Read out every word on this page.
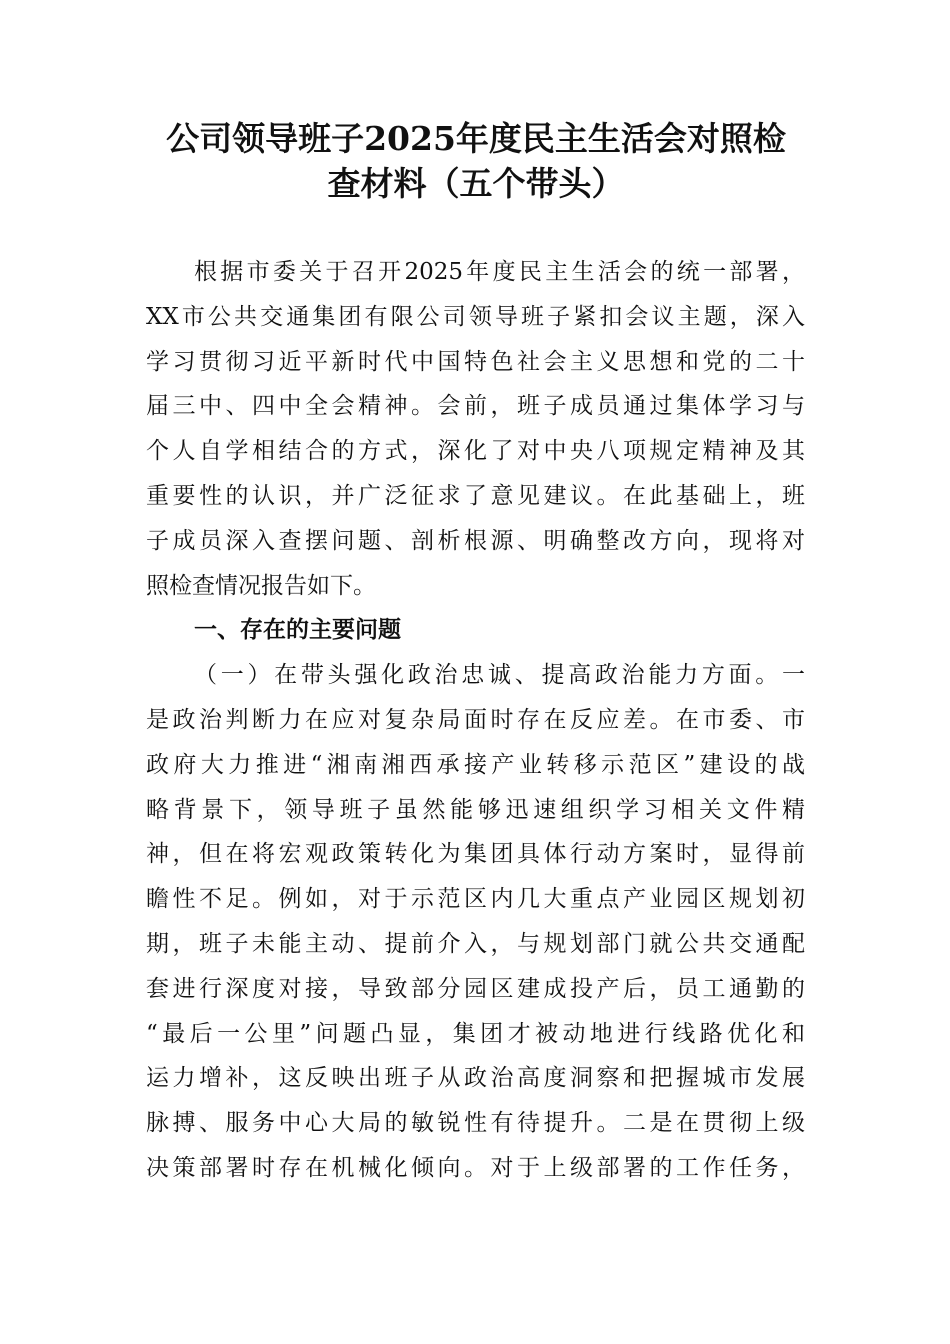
公司领导班子2025年度民主生活会对照检
查材料（五个带头）
根据市委关于召开2025年度民主生活会的统一部署，
XX市公共交通集团有限公司领导班子紧扣会议主题，深入
学习贯彻习近平新时代中国特色社会主义思想和党的二十
届三中、四中全会精神。会前，班子成员通过集体学习与
个人自学相结合的方式，深化了对中央八项规定精神及其
重要性的认识，并广泛征求了意见建议。在此基础上，班
子成员深入查摆问题、剖析根源、明确整改方向，现将对
照检查情况报告如下。
一、存在的主要问题
（一）在带头强化政治忠诚、提高政治能力方面。一
是政治判断力在应对复杂局面时存在反应差。在市委、市
政府大力推进“湘南湘西承接产业转移示范区”建设的战
略背景下，领导班子虽然能够迅速组织学习相关文件精
神，但在将宏观政策转化为集团具体行动方案时，显得前
瞻性不足。例如，对于示范区内几大重点产业园区规划初
期，班子未能主动、提前介入，与规划部门就公共交通配
套进行深度对接，导致部分园区建成投产后，员工通勤的
“最后一公里”问题凸显，集团才被动地进行线路优化和
运力增补，这反映出班子从政治高度洞察和把握城市发展
脉搏、服务中心大局的敏锐性有待提升。二是在贯彻上级
决策部署时存在机械化倾向。对于上级部署的工作任务，
